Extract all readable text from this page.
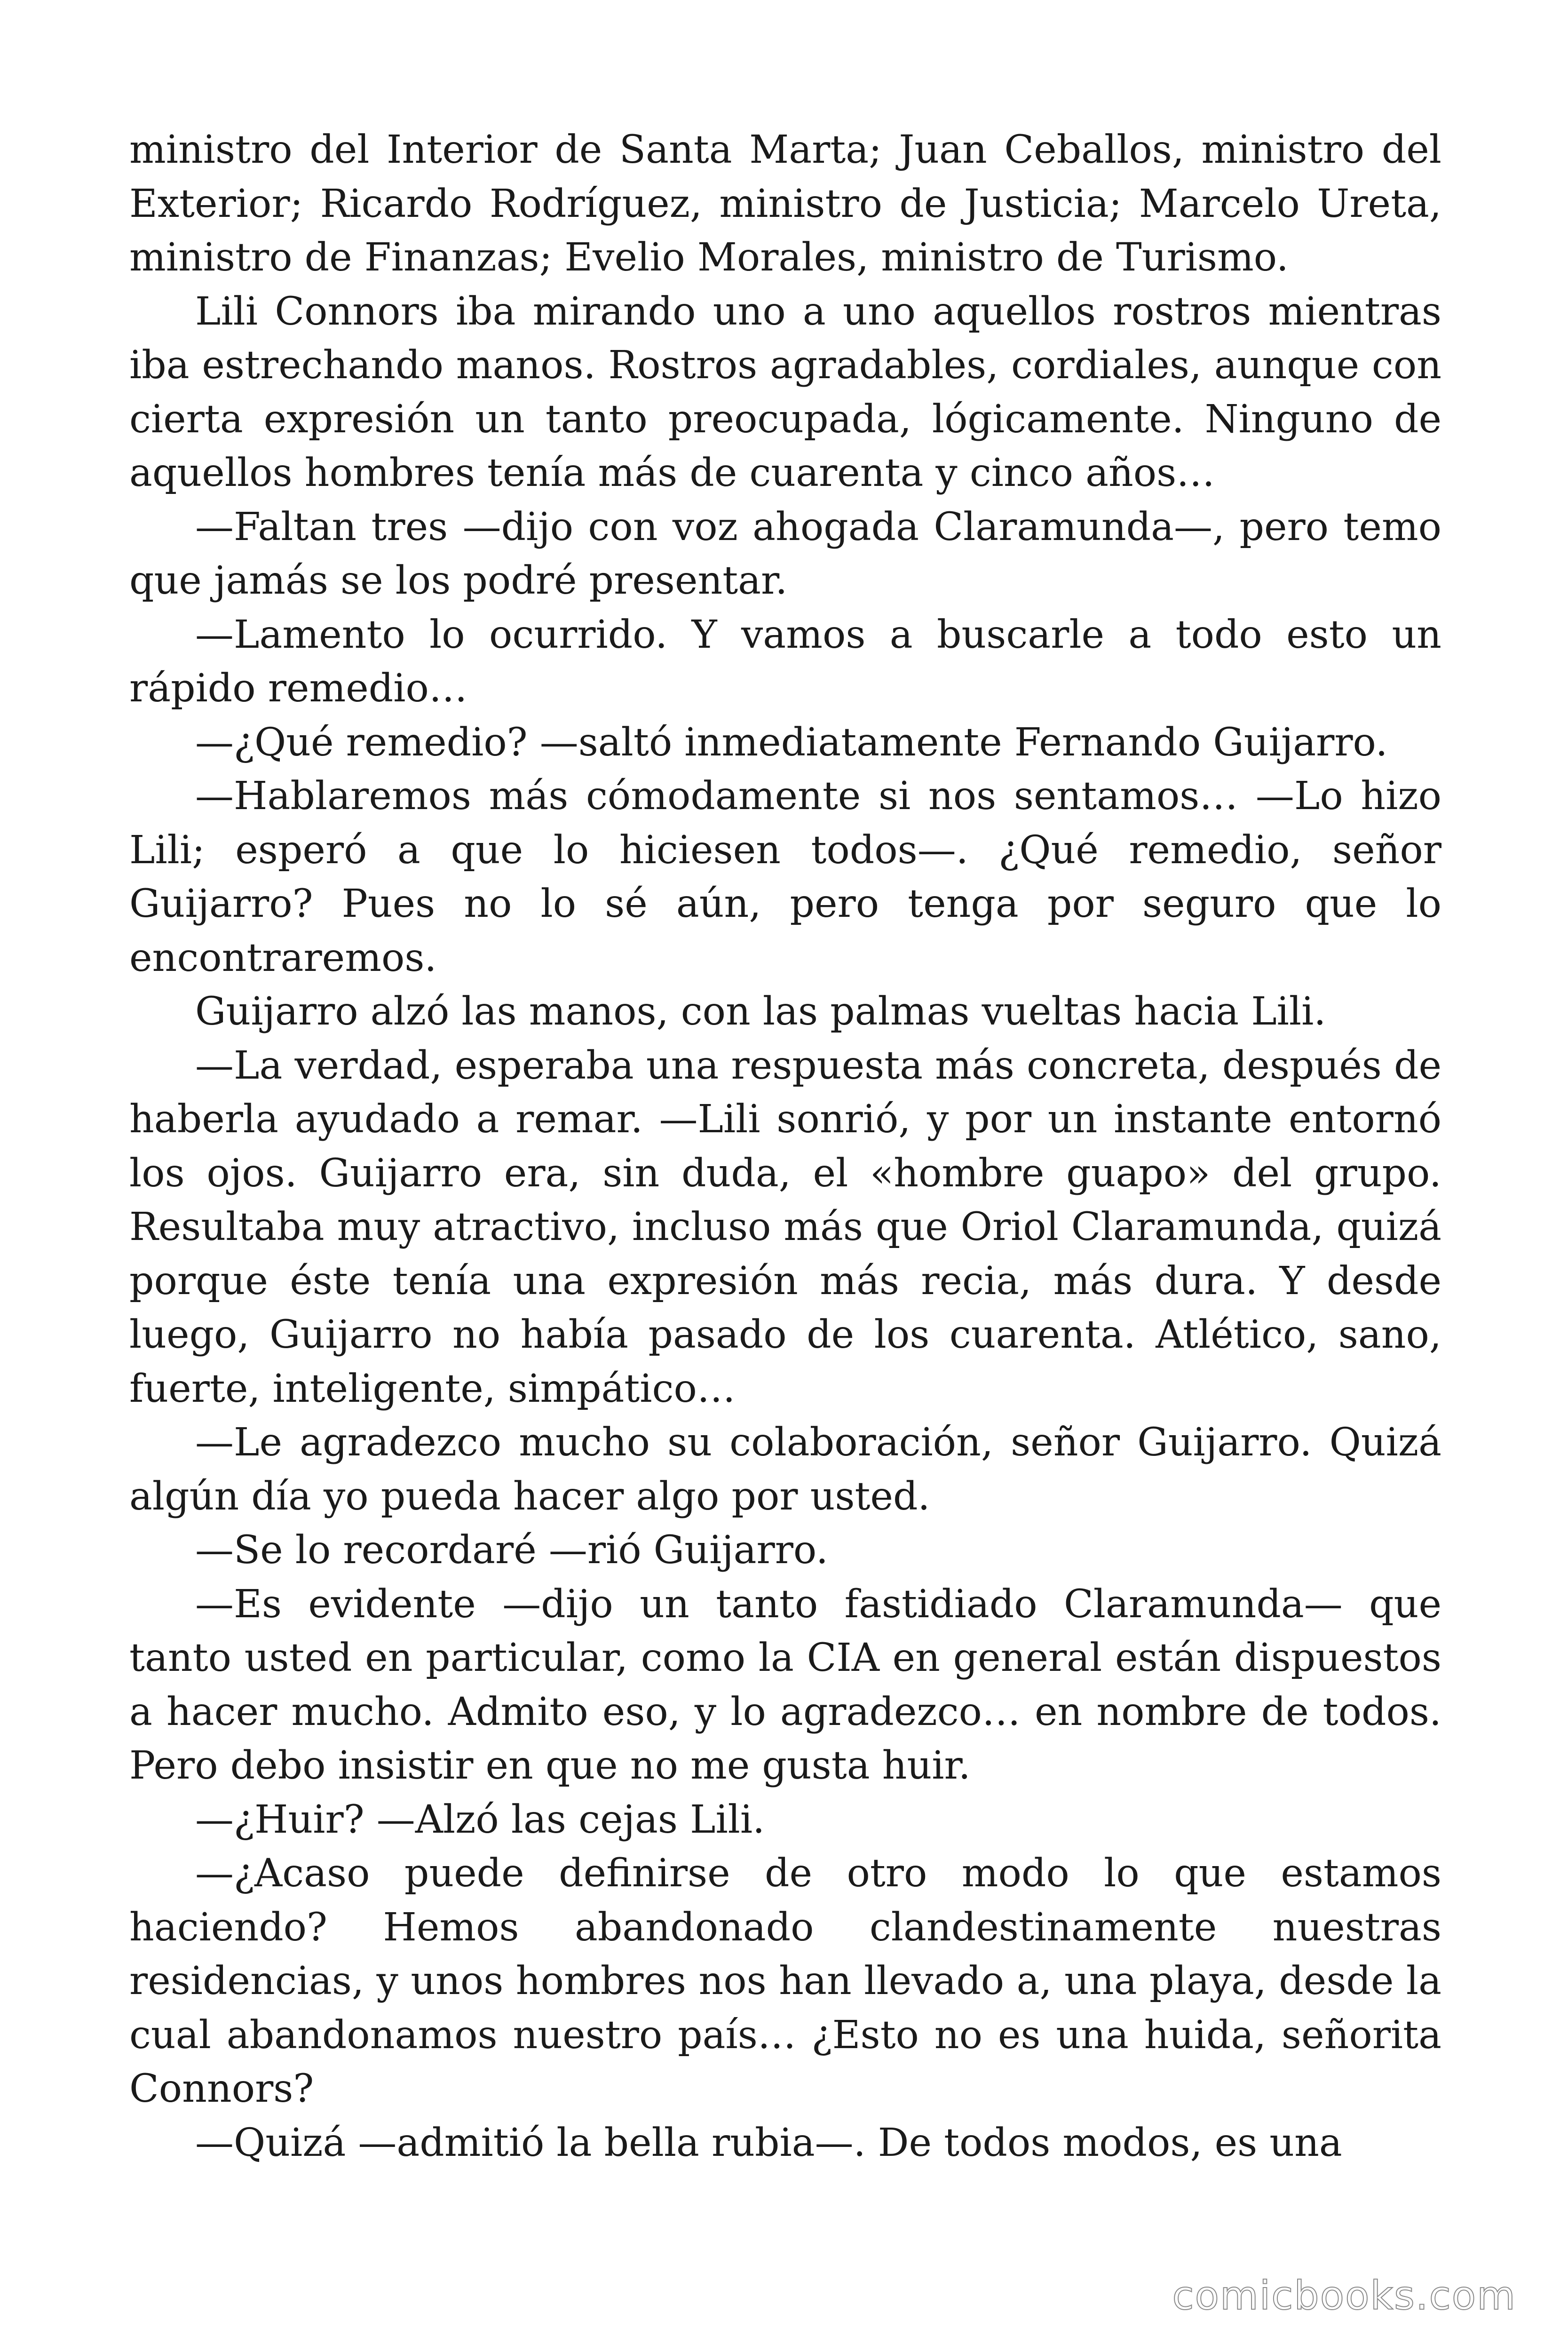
ministro del Interior de Santa Marta; Juan Ceballos, ministro del Exterior; Ricardo Rodríguez, ministro de Justicia; Marcelo Ureta, ministro de Finanzas; Evelio Morales, ministro de Turismo.

Lili Connors iba mirando uno a uno aquellos rostros mientras iba estrechando manos. Rostros agradables, cordiales, aunque con cierta expresión un tanto preocupada, lógicamente. Ninguno de aquellos hombres tenía más de cuarenta y cinco años…

—Faltan tres —dijo con voz ahogada Claramunda—, pero temo que jamás se los podré presentar.

—Lamento lo ocurrido. Y vamos a buscarle a todo esto un rápido remedio…

—¿Qué remedio? —saltó inmediatamente Fernando Guijarro.

—Hablaremos más cómodamente si nos sentamos… —Lo hizo Lili; esperó a que lo hiciesen todos—. ¿Qué remedio, señor Guijarro? Pues no lo sé aún, pero tenga por seguro que lo encontraremos.

Guijarro alzó las manos, con las palmas vueltas hacia Lili.

—La verdad, esperaba una respuesta más concreta, después de haberla ayudado a remar. —Lili sonrió, y por un instante entornó los ojos. Guijarro era, sin duda, el «hombre guapo» del grupo. Resultaba muy atractivo, incluso más que Oriol Claramunda, quizá porque éste tenía una expresión más recia, más dura. Y desde luego, Guijarro no había pasado de los cuarenta. Atlético, sano, fuerte, inteligente, simpático…

—Le agradezco mucho su colaboración, señor Guijarro. Quizá algún día yo pueda hacer algo por usted.

—Se lo recordaré —rió Guijarro.

—Es evidente —dijo un tanto fastidiado Claramunda— que tanto usted en particular, como la CIA en general están dispuestos a hacer mucho. Admito eso, y lo agradezco… en nombre de todos. Pero debo insistir en que no me gusta huir.

—¿Huir? —Alzó las cejas Lili.

—¿Acaso puede definirse de otro modo lo que estamos haciendo? Hemos abandonado clandestinamente nuestras residencias, y unos hombres nos han llevado a, una playa, desde la cual abandonamos nuestro país… ¿Esto no es una huida, señorita Connors?

—Quizá —admitió la bella rubia—. De todos modos, es una

comicbooks.com
